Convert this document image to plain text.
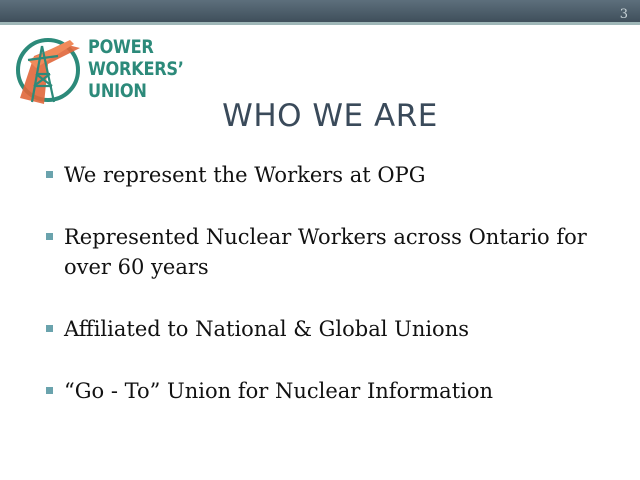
3
POWER
WORKERS’
UNION
WHO WE ARE
We represent the Workers at OPG
Represented Nuclear Workers across Ontario for over 60 years
Affiliated to National & Global Unions
“Go - To” Union for Nuclear Information
